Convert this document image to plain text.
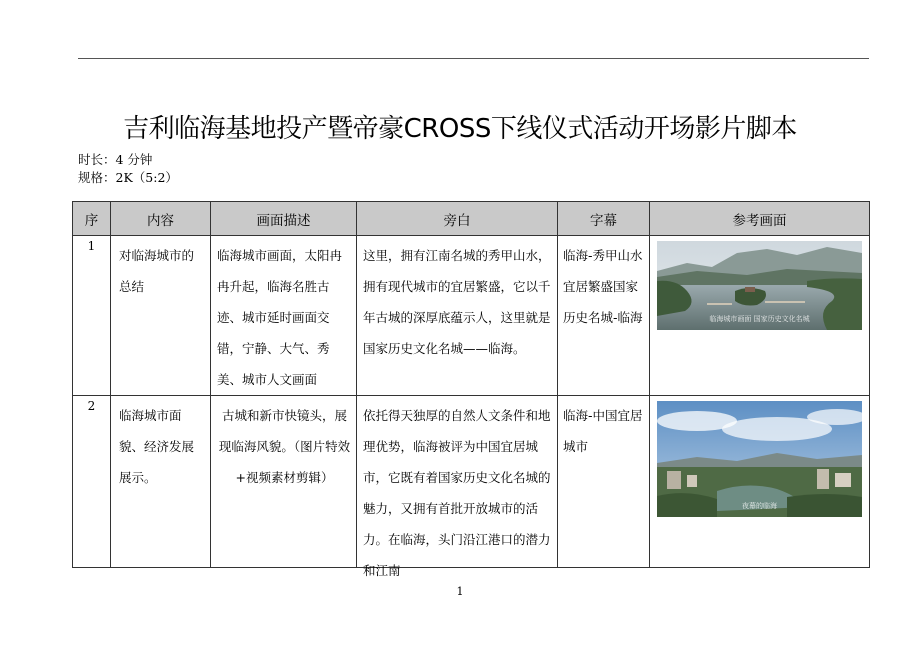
吉利临海基地投产暨帝豪CROSS下线仪式活动开场影片脚本
时长：4 分钟
规格：2K（5:2）
序	内容	画面描述	旁白	字幕	参考画面
1	对临海城市的总结	临海城市画面，太阳冉冉升起，临海名胜古迹、城市延时画面交错，宁静、大气、秀美、城市人文画面	这里，拥有江南名城的秀甲山水，拥有现代城市的宜居繁盛，它以千年古城的深厚底蕴示人，这里就是国家历史文化名城——临海。	临海-秀甲山水宜居繁盛国家历史名城-临海	临海城市画面 国家历史文化名城

2	临海城市面貌、经济发展展示。	古城和新市快镜头，展现临海风貌。（图片特效+视频素材剪辑）	依托得天独厚的自然人文条件和地理优势，临海被评为中国宜居城市，它既有着国家历史文化名城的魅力，又拥有首批开放城市的活力。在临海，头门沿江港口的潜力和江南	临海-中国宜居城市	夜幕的临海
1
